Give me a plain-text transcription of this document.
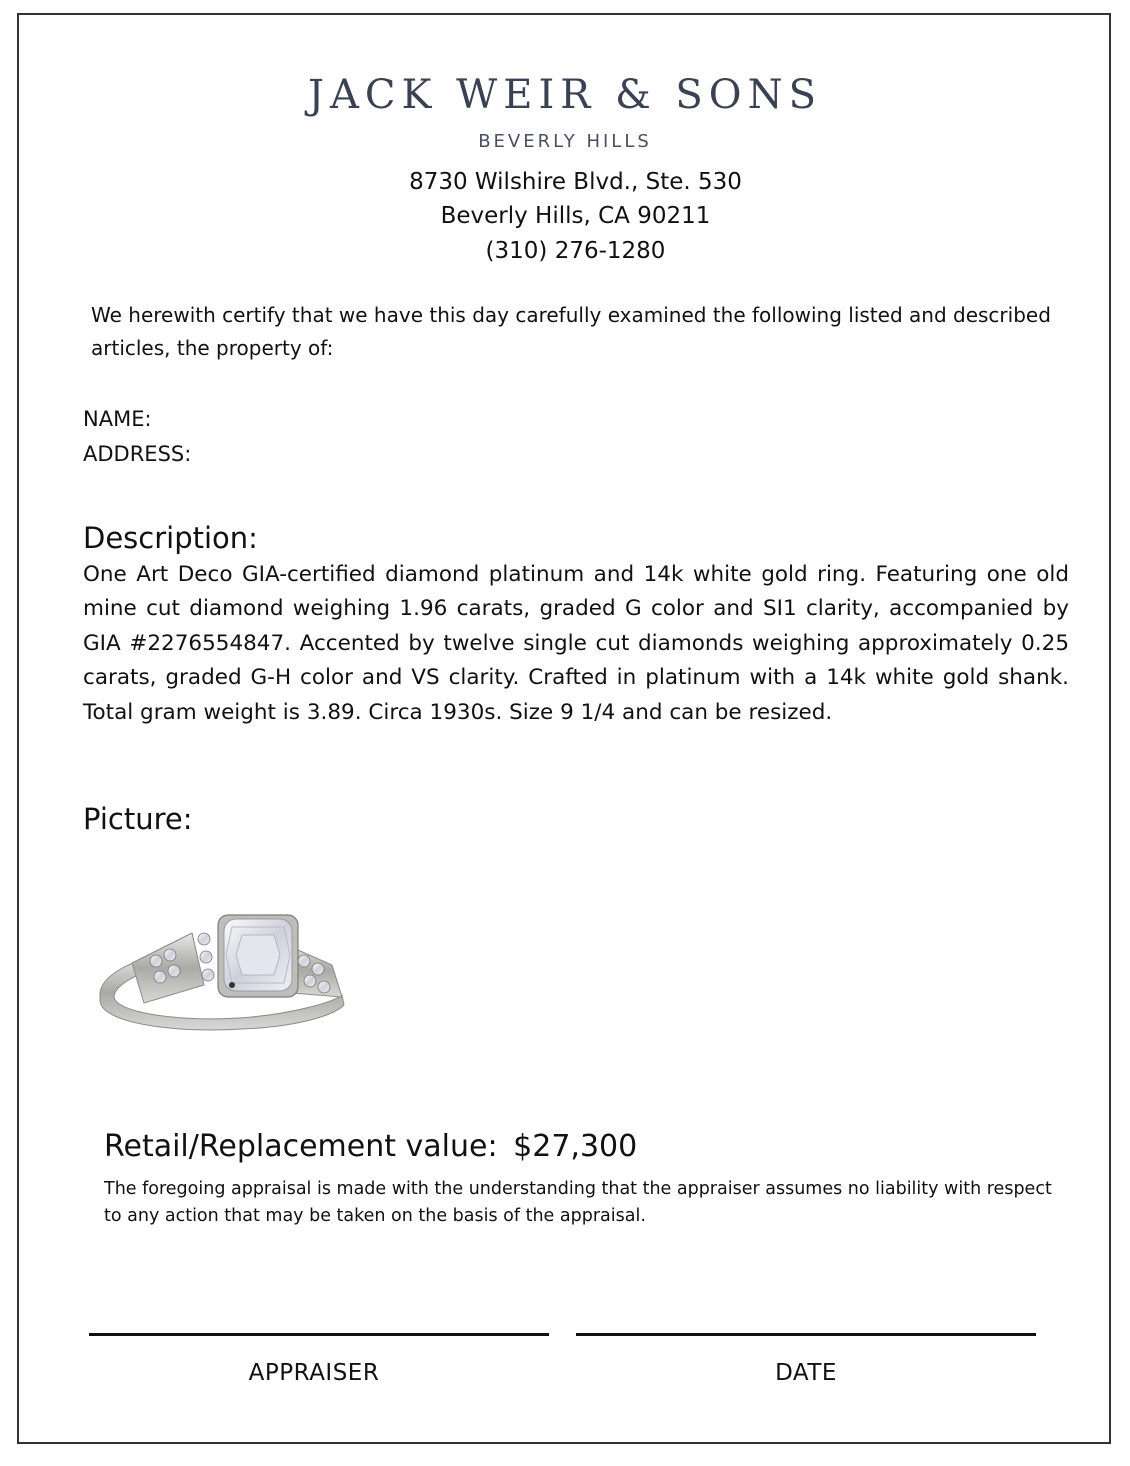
JACK WEIR & SONS
BEVERLY HILLS
8730 Wilshire Blvd., Ste. 530
Beverly Hills, CA 90211
(310) 276-1280
We herewith certify that we have this day carefully examined the following listed and described articles, the property of:
NAME:
ADDRESS:
Description:
One Art Deco GIA-certified diamond platinum and 14k white gold ring. Featuring one old mine cut diamond weighing 1.96 carats, graded G color and SI1 clarity, accompanied by GIA #2276554847. Accented by twelve single cut diamonds weighing approximately 0.25 carats, graded G-H color and VS clarity. Crafted in platinum with a 14k white gold shank. Total gram weight is 3.89. Circa 1930s. Size 9 1/4 and can be resized.
Picture:
Retail/Replacement value: $27,300
The foregoing appraisal is made with the understanding that the appraiser assumes no liability with respect to any action that may be taken on the basis of the appraisal.
APPRAISER	DATE
